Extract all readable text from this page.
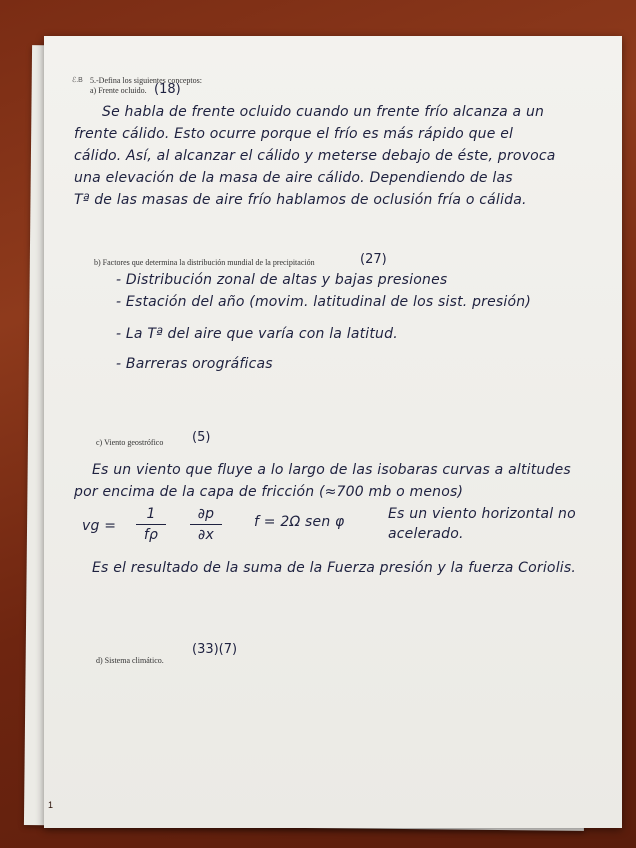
ℰ.B 5.-Defina los siguientes conceptos:
a) Frente ocluido. (18)
Se habla de frente ocluido cuando un frente frío alcanza a un
frente cálido. Esto ocurre porque el frío es más rápido que el
cálido. Así, al alcanzar el cálido y meterse debajo de éste, provoca
una elevación de la masa de aire cálido. Dependiendo de las
Tª de las masas de aire frío hablamos de oclusión fría o cálida.
b) Factores que determina la distribución mundial de la precipitación	(27)
- Distribución zonal de altas y bajas presiones
- Estación del año (movim. latitudinal de los sist. presión)
- La Tª del aire que varía con la latitud.
- Barreras orográficas
c) Viento geostrófico (5)
Es un viento que fluye a lo largo de las isobaras curvas a altitudes
por encima de la capa de fricción (≈700 mb o menos)
vg =
1
fρ
∂p
∂x
f = 2Ω sen φ	Es un viento horizontal no
acelerado.
Es el resultado de la suma de la Fuerza presión y la fuerza Coriolis.
d) Sistema climático.
(33)(7)
1
